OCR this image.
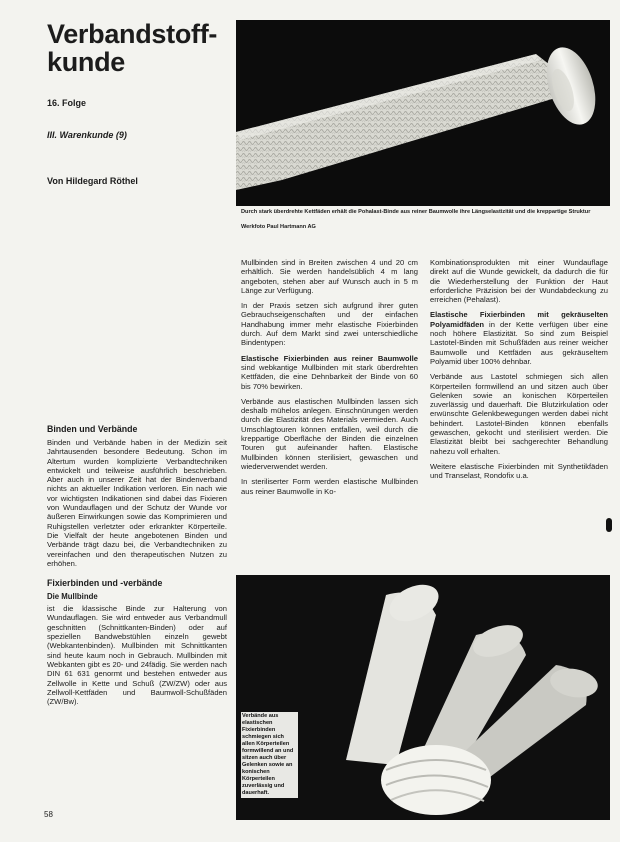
Verbandstoff-
kunde
16. Folge
III. Warenkunde (9)
Von Hildegard Röthel
Durch stark überdrehte Kettfäden erhält die Pohalast-Binde aus reiner Baumwolle ihre Längselastizität und die kreppartige Struktur
Werkfoto Paul Hartmann AG
Binden und Verbände

Binden und Verbände haben in der Medizin seit Jahrtausenden besondere Bedeutung. Schon im Altertum wurden komplizierte Verbandtechniken entwickelt und teilweise ausführlich beschrieben. Aber auch in unserer Zeit hat der Bindenverband nichts an aktueller Indikation verloren. Ein nach wie vor wichtigsten Indikationen sind dabei das Fixieren von Wundauflagen und der Schutz der Wunde vor äußeren Einwirkungen sowie das Komprimieren und Ruhigstellen verletzter oder erkrankter Körperteile. Die Vielfalt der heute angebotenen Binden und Verbände trägt dazu bei, die Verbandtechniken zu vereinfachen und den therapeutischen Nutzen zu erhöhen.

Fixierbinden und -verbände
Die Mullbinde

ist die klassische Binde zur Halterung von Wundauflagen. Sie wird entweder aus Verbandmull geschnitten (Schnittkanten-Binden) oder auf speziellen Bandwebstühlen einzeln gewebt (Webkantenbinden). Mullbinden mit Schnittkanten sind heute kaum noch in Gebrauch. Mullbinden mit Webkanten gibt es 20- und 24fädig. Sie werden nach DIN 61 631 genormt und bestehen entweder aus Zellwolle in Kette und Schuß (ZW/ZW) oder aus Zellwoll-Kettfäden und Baumwoll-Schußfäden (ZW/Bw).

Mullbinden sind in Breiten zwischen 4 und 20 cm erhältlich. Sie werden handelsüblich 4 m lang angeboten, stehen aber auf Wunsch auch in 5 m Länge zur Verfügung.

In der Praxis setzen sich aufgrund ihrer guten Gebrauchseigenschaften und der einfachen Handhabung immer mehr elastische Fixierbinden durch. Auf dem Markt sind zwei unterschiedliche Bindentypen:

Elastische Fixierbinden aus reiner Baumwolle sind webkantige Mullbinden mit stark überdrehten Kettfäden, die eine Dehnbarkeit der Binde von 60 bis 70% bewirken.

Verbände aus elastischen Mullbinden lassen sich deshalb mühelos anlegen. Einschnürungen werden durch die Elastizität des Materials vermieden. Auch Umschlagtouren können entfallen, weil durch die kreppartige Oberfläche der Binden die einzelnen Touren gut aufeinander haften. Elastische Mullbinden können sterilisiert, gewaschen und wiederverwendet werden.

In steriliserter Form werden elastische Mullbinden aus reiner Baumwolle in Ko-

Kombinationsprodukten mit einer Wundauflage direkt auf die Wunde gewickelt, da dadurch die für die Wiederherstellung der Funktion der Haut erforderliche Präzision bei der Wundabdeckung zu erreichen (Pehalast).

Elastische Fixierbinden mit gekräuselten Polyamidfäden in der Kette verfügen über eine noch höhere Elastizität. So sind zum Beispiel Lastotel-Binden mit Schußfäden aus reiner weicher Baumwolle und Kettfäden aus gekräuseltem Polyamid über 100% dehnbar.

Verbände aus Lastotel schmiegen sich allen Körperteilen formwillend an und sitzen auch über Gelenken sowie an konischen Körperteilen zuverlässig und dauerhaft. Die Blutzirkulation oder erwünschte Gelenkbewegungen werden dabei nicht behindert. Lastotel-Binden können ebenfalls gewaschen, gekocht und sterilisiert werden. Die Elastizität bleibt bei sachgerechter Behandlung nahezu voll erhalten.

Weitere elastische Fixierbinden mit Synthetikfäden und Transelast, Rondofix u.a.

Verbände aus elastischen Fixierbinden schmiegen sich allen Körperteilen formwillend an und sitzen auch über Gelenken sowie an konischen Körperteilen zuverlässig und dauerhaft.
58
